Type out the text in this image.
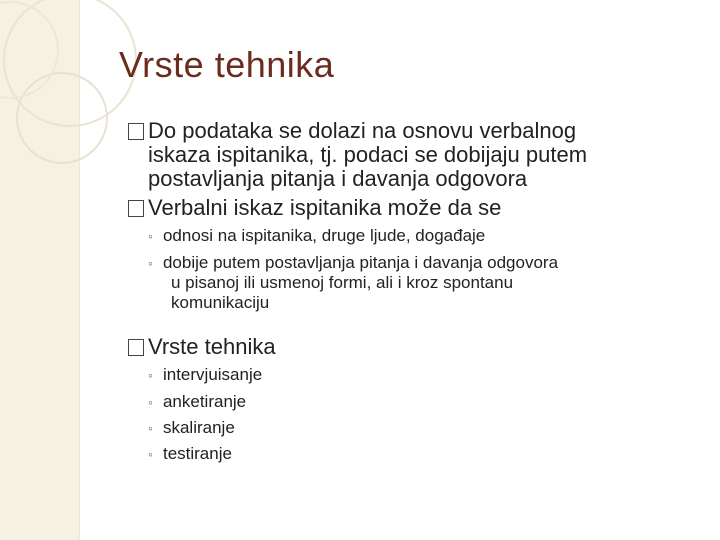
Vrste tehnika
Do podataka se dolazi na osnovu verbalnog
iskaza ispitanika, tj. podaci se dobijaju putem
postavljanja pitanja i davanja odgovora
Verbalni iskaz ispitanika može da se
◦ odnosi na ispitanika, druge ljude, događaje
◦ dobije putem postavljanja pitanja i davanja odgovora
u pisanoj ili usmenoj formi, ali i kroz spontanu
komunikaciju
Vrste tehnika
◦ intervjuisanje
◦ anketiranje
◦ skaliranje
◦ testiranje
